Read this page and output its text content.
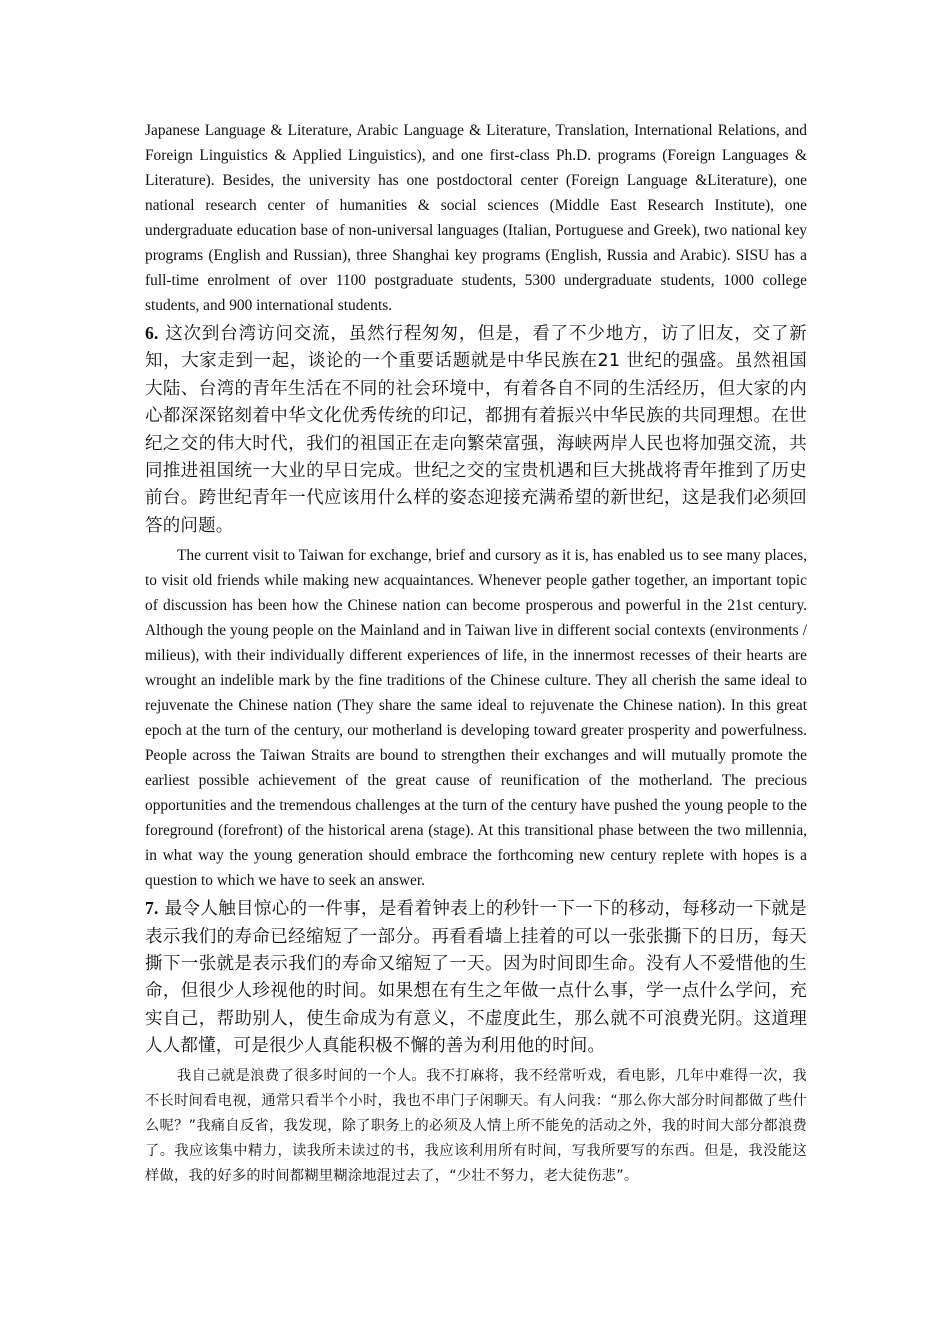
Japanese Language & Literature, Arabic Language & Literature, Translation, International Relations, and Foreign Linguistics & Applied Linguistics), and one first-class Ph.D. programs (Foreign Languages & Literature). Besides, the university has one postdoctoral center (Foreign Language &Literature), one national research center of humanities & social sciences (Middle East Research Institute), one undergraduate education base of non-universal languages (Italian, Portuguese and Greek), two national key programs (English and Russian), three Shanghai key programs (English, Russia and Arabic). SISU has a full-time enrolment of over 1100 postgraduate students, 5300 undergraduate students, 1000 college students, and 900 international students.

6. 这次到台湾访问交流，虽然行程匆匆，但是，看了不少地方，访了旧友，交了新知，大家走到一起，谈论的一个重要话题就是中华民族在21 世纪的强盛。虽然祖国大陆、台湾的青年生活在不同的社会环境中，有着各自不同的生活经历，但大家的内心都深深铭刻着中华文化优秀传统的印记，都拥有着振兴中华民族的共同理想。在世纪之交的伟大时代，我们的祖国正在走向繁荣富强，海峡两岸人民也将加强交流，共同推进祖国统一大业的早日完成。世纪之交的宝贵机遇和巨大挑战将青年推到了历史前台。跨世纪青年一代应该用什么样的姿态迎接充满希望的新世纪，这是我们必须回答的问题。

The current visit to Taiwan for exchange, brief and cursory as it is, has enabled us to see many places, to visit old friends while making new acquaintances. Whenever people gather together, an important topic of discussion has been how the Chinese nation can become prosperous and powerful in the 21st century. Although the young people on the Mainland and in Taiwan live in different social contexts (environments / milieus), with their individually different experiences of life, in the innermost recesses of their hearts are wrought an indelible mark by the fine traditions of the Chinese culture. They all cherish the same ideal to rejuvenate the Chinese nation (They share the same ideal to rejuvenate the Chinese nation). In this great epoch at the turn of the century, our motherland is developing toward greater prosperity and powerfulness. People across the Taiwan Straits are bound to strengthen their exchanges and will mutually promote the earliest possible achievement of the great cause of reunification of the motherland. The precious opportunities and the tremendous challenges at the turn of the century have pushed the young people to the foreground (forefront) of the historical arena (stage). At this transitional phase between the two millennia, in what way the young generation should embrace the forthcoming new century replete with hopes is a question to which we have to seek an answer.

7. 最令人触目惊心的一件事，是看着钟表上的秒针一下一下的移动，每移动一下就是表示我们的寿命已经缩短了一部分。再看看墙上挂着的可以一张张撕下的日历，每天撕下一张就是表示我们的寿命又缩短了一天。因为时间即生命。没有人不爱惜他的生命，但很少人珍视他的时间。如果想在有生之年做一点什么事，学一点什么学问，充实自己，帮助别人，使生命成为有意义，不虚度此生，那么就不可浪费光阴。这道理人人都懂，可是很少人真能积极不懈的善为利用他的时间。

我自己就是浪费了很多时间的一个人。我不打麻将，我不经常听戏，看电影，几年中难得一次，我不长时间看电视，通常只看半个小时，我也不串门子闲聊天。有人问我：“那么你大部分时间都做了些什么呢？”我痛自反省，我发现，除了职务上的必须及人情上所不能免的活动之外，我的时间大部分都浪费了。我应该集中精力，读我所未读过的书，我应该利用所有时间，写我所要写的东西。但是，我没能这样做，我的好多的时间都糊里糊涂地混过去了，“少壮不努力，老大徒伤悲”。
